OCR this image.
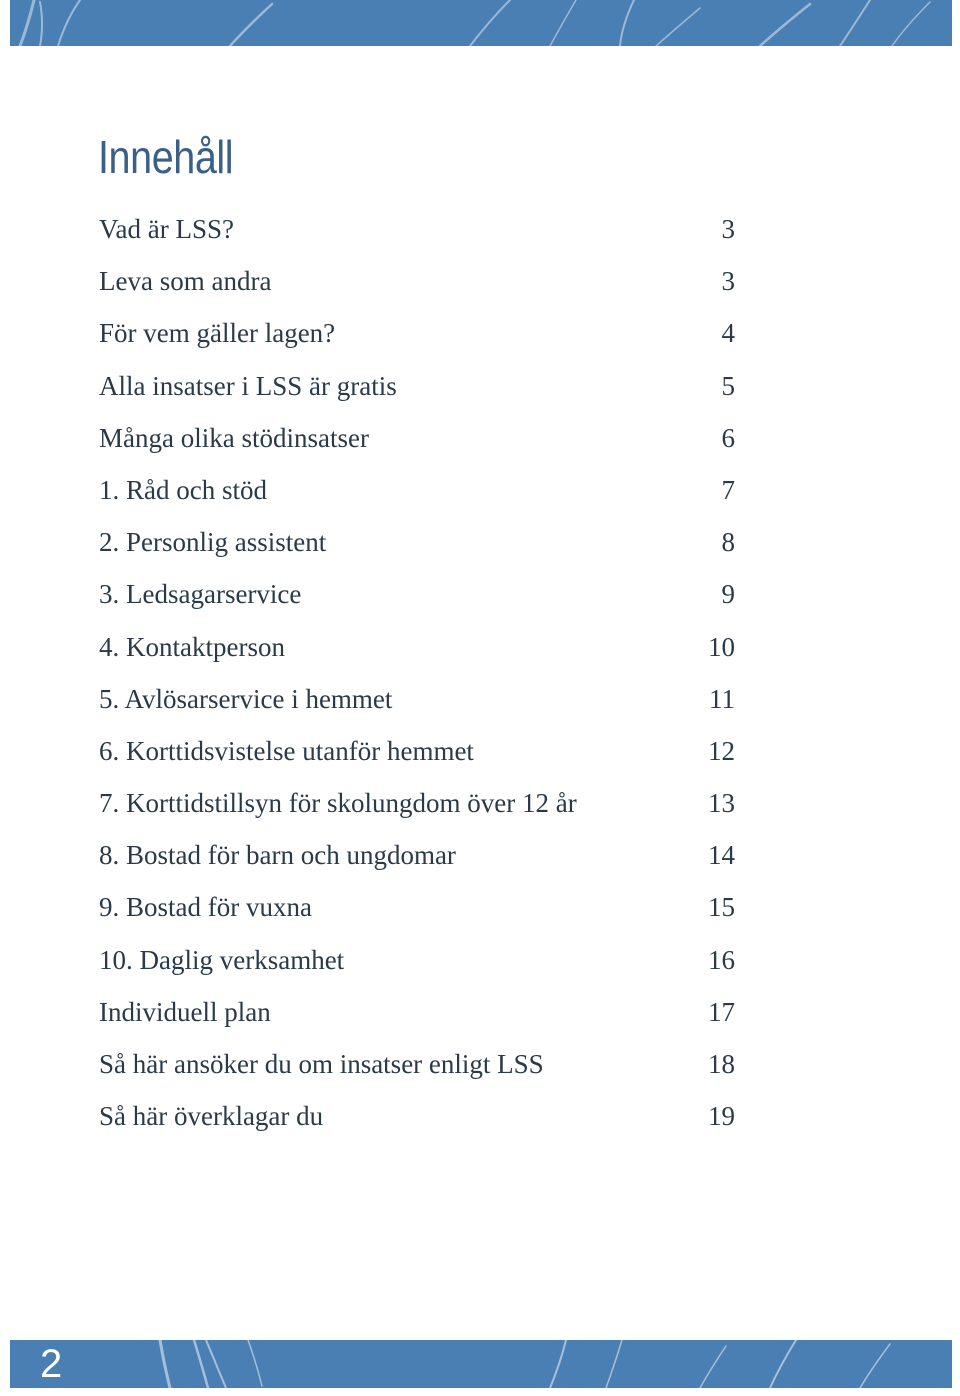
Innehåll
Vad är LSS?	3
Leva som andra	3
För vem gäller lagen?	4
Alla insatser i LSS är gratis	5
Många olika stödinsatser	6
1. Råd och stöd	7
2. Personlig assistent	8
3. Ledsagarservice	9
4. Kontaktperson	10
5. Avlösarservice i hemmet	11
6. Korttidsvistelse utanför hemmet	12
7. Korttidstillsyn för skolungdom över 12 år	13
8. Bostad för barn och ungdomar	14
9. Bostad för vuxna	15
10. Daglig verksamhet	16
Individuell plan	17
Så här ansöker du om insatser enligt LSS	18
Så här överklagar du	19
2
